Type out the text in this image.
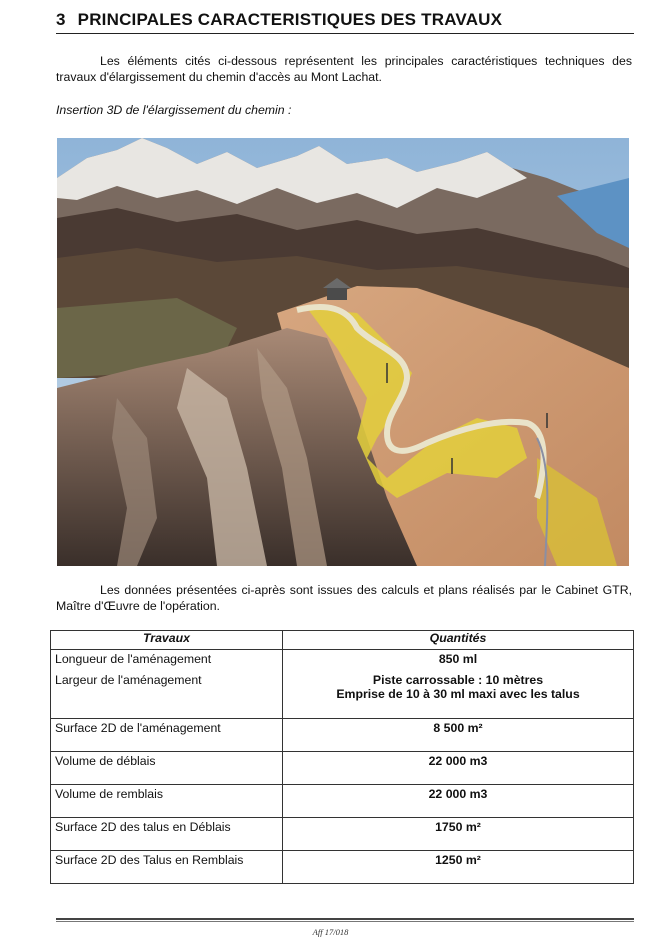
3 PRINCIPALES CARACTERISTIQUES DES TRAVAUX
Les éléments cités ci-dessous représentent les principales caractéristiques techniques des travaux d'élargissement du chemin d'accès au Mont Lachat.
Insertion 3D de l'élargissement du chemin :
Les données présentées ci-après sont issues des calculs et plans réalisés par le Cabinet GTR, Maître d'Œuvre de l'opération.
Travaux	Quantités
Longueur de l'aménagement	850 ml
Largeur de l'aménagement	Piste carrossable : 10 mètres
Emprise de 10 à 30 ml maxi avec les talus

Surface 2D de l'aménagement	8 500 m²
Volume de déblais	22 000 m3
Volume de remblais	22 000 m3
Surface 2D des talus en Déblais	1750 m²
Surface 2D des Talus en Remblais	1250 m²
Aff 17/018
